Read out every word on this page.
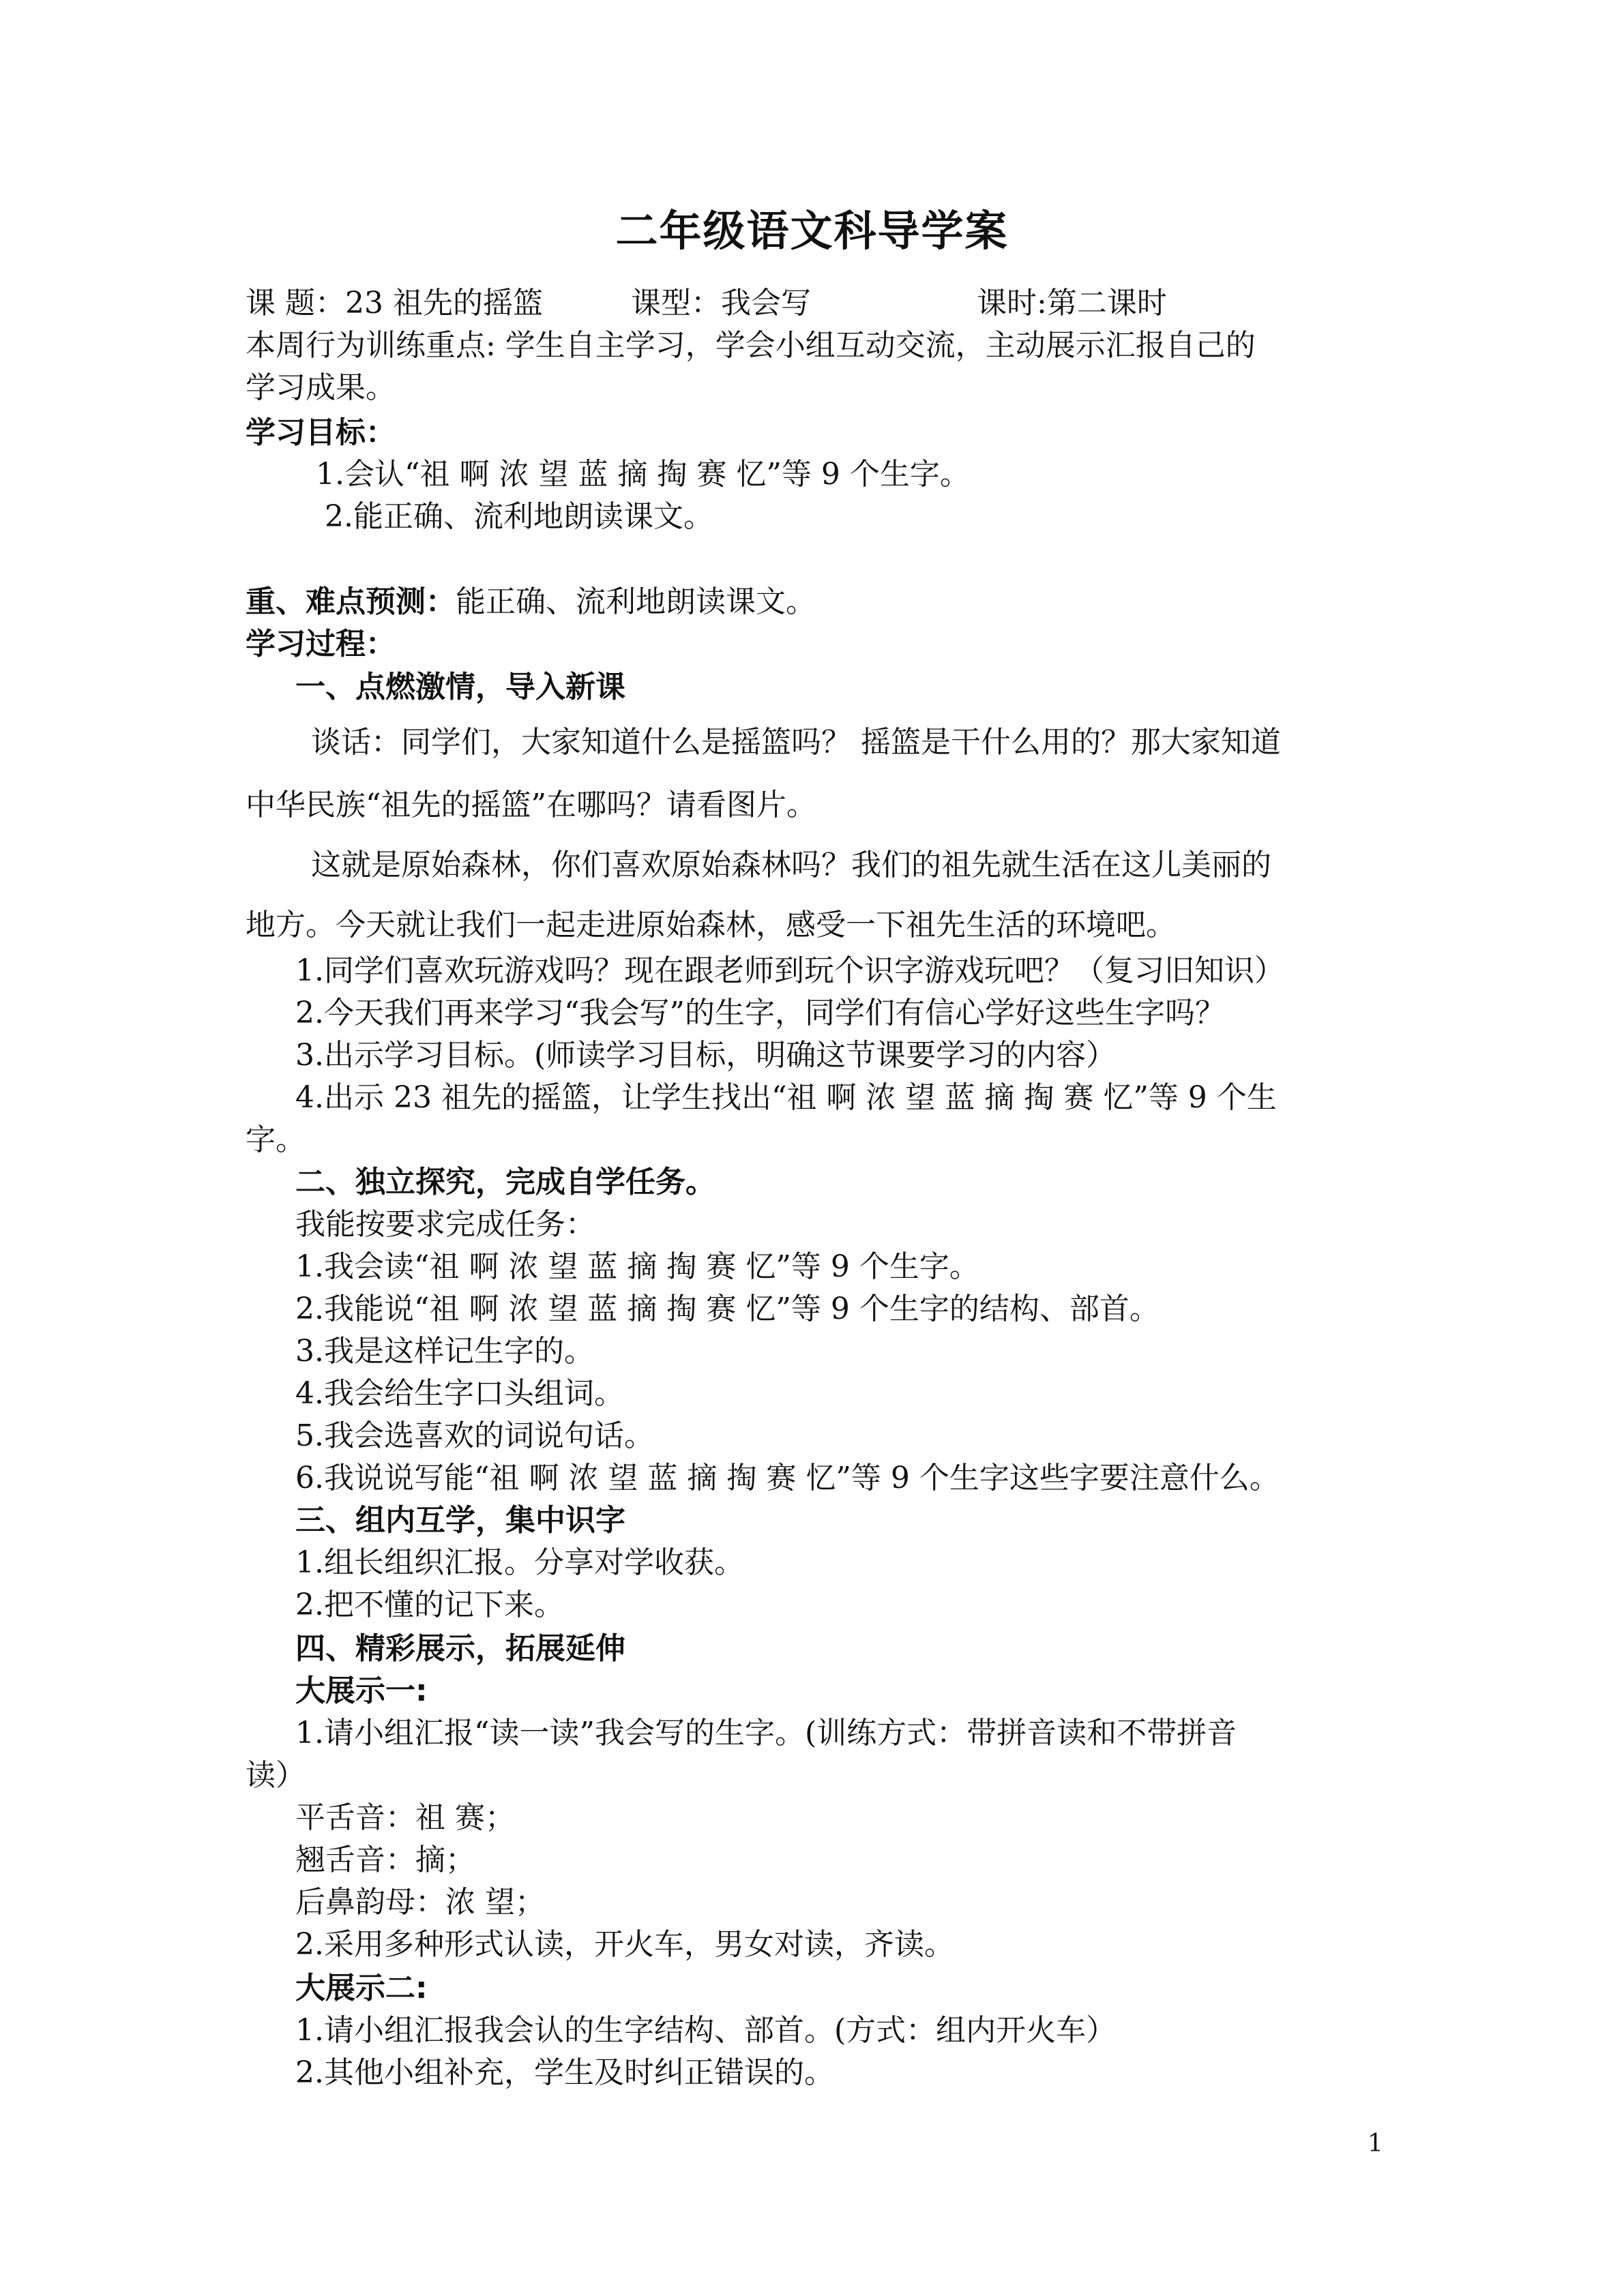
二年级语文科导学案
课 题：23 祖先的摇篮	课型：我会写	课时:第二课时
本周行为训练重点: 学生自主学习，学会小组互动交流，主动展示汇报自己的
学习成果。
学习目标：
1.会认“祖 啊 浓 望 蓝 摘 掏 赛 忆”等 9 个生字。
2.能正确、流利地朗读课文。
重、难点预测：能正确、流利地朗读课文。
学习过程：
一、点燃激情，导入新课
谈话：同学们，大家知道什么是摇篮吗？ 摇篮是干什么用的？那大家知道
中华民族“祖先的摇篮”在哪吗？请看图片。
这就是原始森林，你们喜欢原始森林吗？我们的祖先就生活在这儿美丽的
地方。今天就让我们一起走进原始森林，感受一下祖先生活的环境吧。
1.同学们喜欢玩游戏吗？现在跟老师到玩个识字游戏玩吧？（复习旧知识）
2.今天我们再来学习“我会写”的生字，同学们有信心学好这些生字吗？
3.出示学习目标。(师读学习目标，明确这节课要学习的内容）
4.出示 23 祖先的摇篮，让学生找出“祖 啊 浓 望 蓝 摘 掏 赛 忆”等 9 个生
字。
二、独立探究，完成自学任务。
我能按要求完成任务：
1.我会读“祖 啊 浓 望 蓝 摘 掏 赛 忆”等 9 个生字。
2.我能说“祖 啊 浓 望 蓝 摘 掏 赛 忆”等 9 个生字的结构、部首。
3.我是这样记生字的。
4.我会给生字口头组词。
5.我会选喜欢的词说句话。
6.我说说写能“祖 啊 浓 望 蓝 摘 掏 赛 忆”等 9 个生字这些字要注意什么。
三、组内互学，集中识字
1.组长组织汇报。分享对学收获。
2.把不懂的记下来。
四、精彩展示，拓展延伸
大展示一:
1.请小组汇报“读一读”我会写的生字。(训练方式：带拼音读和不带拼音
读）
平舌音：祖 赛；
翘舌音：摘；
后鼻韵母：浓 望；
2.采用多种形式认读，开火车，男女对读，齐读。
大展示二:
1.请小组汇报我会认的生字结构、部首。(方式：组内开火车）
2.其他小组补充，学生及时纠正错误的。
1
